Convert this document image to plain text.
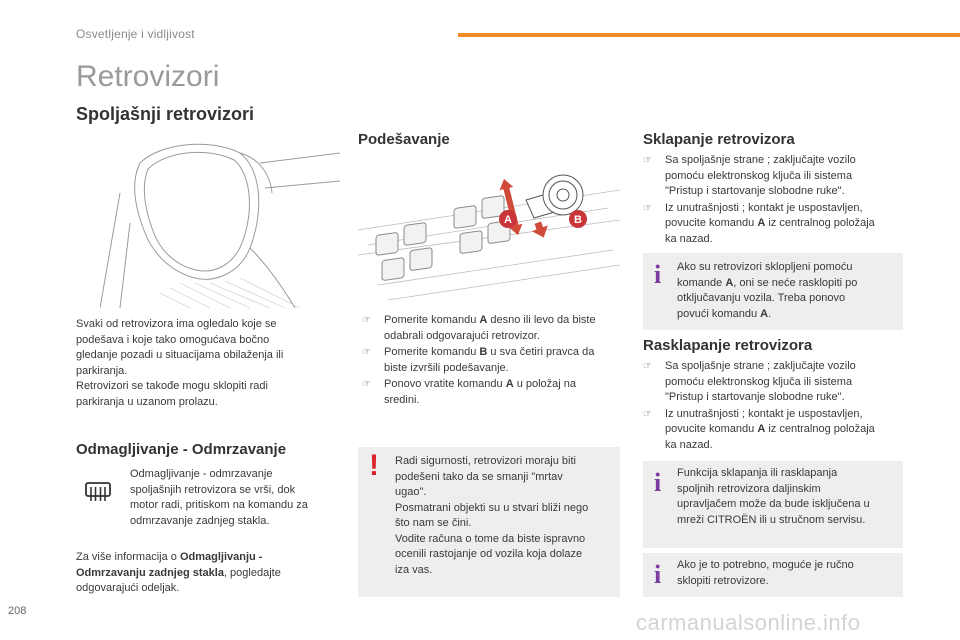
Osvetljenje i vidljivost
Retrovizori
Spoljašnji retrovizori
Svaki od retrovizora ima ogledalo koje se
podešava i koje tako omogućava bočno
gledanje pozadi u situacijama obilaženja ili
parkiranja.
Retrovizori se takođe mogu sklopiti radi
parkiranja u uzanom prolazu.
Odmagljivanje - Odmrzavanje
Odmagljivanje - odmrzavanje
spoljašnjih retrovizora se vrši, dok
motor radi, pritiskom na komandu za
odmrzavanje zadnjeg stakla.
Za više informacija o Odmagljivanju -
Odmrzavanju zadnjeg stakla, pogledajte
odgovarajući odeljak.
Podešavanje
A	B
☞ Pomerite komandu A desno ili levo da biste
odabrali odgovarajući retrovizor.
☞ Pomerite komandu B u sva četiri pravca da
biste izvršili podešavanje.
☞ Ponovo vratite komandu A u položaj na
sredini.
! Radi sigurnosti, retrovizori moraju biti
podešeni tako da se smanji "mrtav
ugao".
Posmatrani objekti su u stvari bliži nego
što nam se čini.
Vodite računa o tome da biste ispravno
ocenili rastojanje od vozila koja dolaze
iza vas.
Sklapanje retrovizora
☞ Sa spoljašnje strane ; zaključajte vozilo
pomoću elektronskog ključa ili sistema
"Pristup i startovanje slobodne ruke".
☞ Iz unutrašnjosti ; kontakt je uspostavljen,
povucite komandu A iz centralnog položaja
ka nazad.
i Ako su retrovizori sklopljeni pomoću
komande A, oni se neće rasklopiti po
otključavanju vozila. Treba ponovo
povući komandu A.
Rasklapanje retrovizora
☞ Sa spoljašnje strane ; zaključajte vozilo
pomoću elektronskog ključa ili sistema
"Pristup i startovanje slobodne ruke".
☞ Iz unutrašnjosti ; kontakt je uspostavljen,
povucite komandu A iz centralnog položaja
ka nazad.
i Funkcija sklapanja ili rasklapanja
spoljnih retrovizora daljinskim
upravljačem može da bude isključena u
mreži CITROËN ili u stručnom servisu.
i Ako je to potrebno, moguće je ručno
sklopiti retrovizore.
208	carmanualsonline.info
